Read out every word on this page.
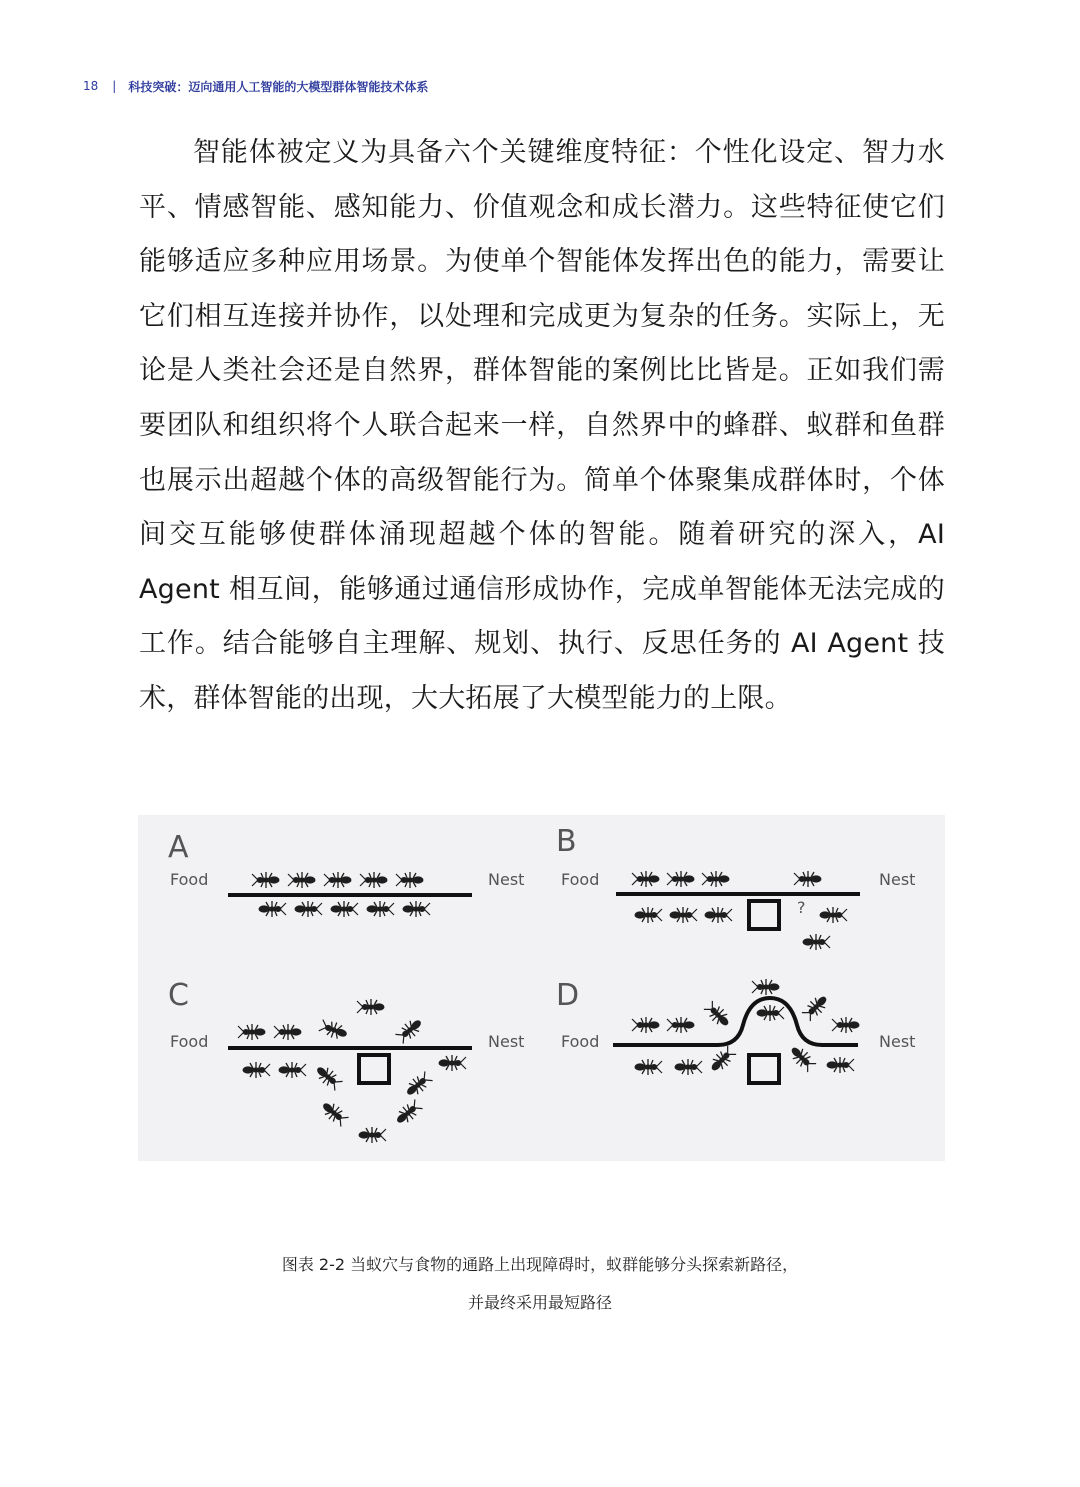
18 | 科技突破：迈向通用人工智能的大模型群体智能技术体系

智能体被定义为具备六个关键维度特征：个性化设定、智力水平、情感智能、感知能力、价值观念和成长潜力。这些特征使它们能够适应多种应用场景。为使单个智能体发挥出色的能力，需要让它们相互连接并协作，以处理和完成更为复杂的任务。实际上，无论是人类社会还是自然界，群体智能的案例比比皆是。正如我们需要团队和组织将个人联合起来一样，自然界中的蜂群、蚁群和鱼群也展示出超越个体的高级智能行为。简单个体聚集成群体时，个体间交互能够使群体涌现超越个体的智能。随着研究的深入，AI Agent 相互间，能够通过通信形成协作，完成单智能体无法完成的工作。结合能够自主理解、规划、执行、反思任务的 AI Agent 技术，群体智能的出现，大大拓展了大模型能力的上限。

A
Food	Nest
B
Food	Nest
?
C
Food	Nest
D
Food	Nest
图表 2-2 当蚁穴与食物的通路上出现障碍时，蚁群能够分头探索新路径，
并最终采用最短路径
